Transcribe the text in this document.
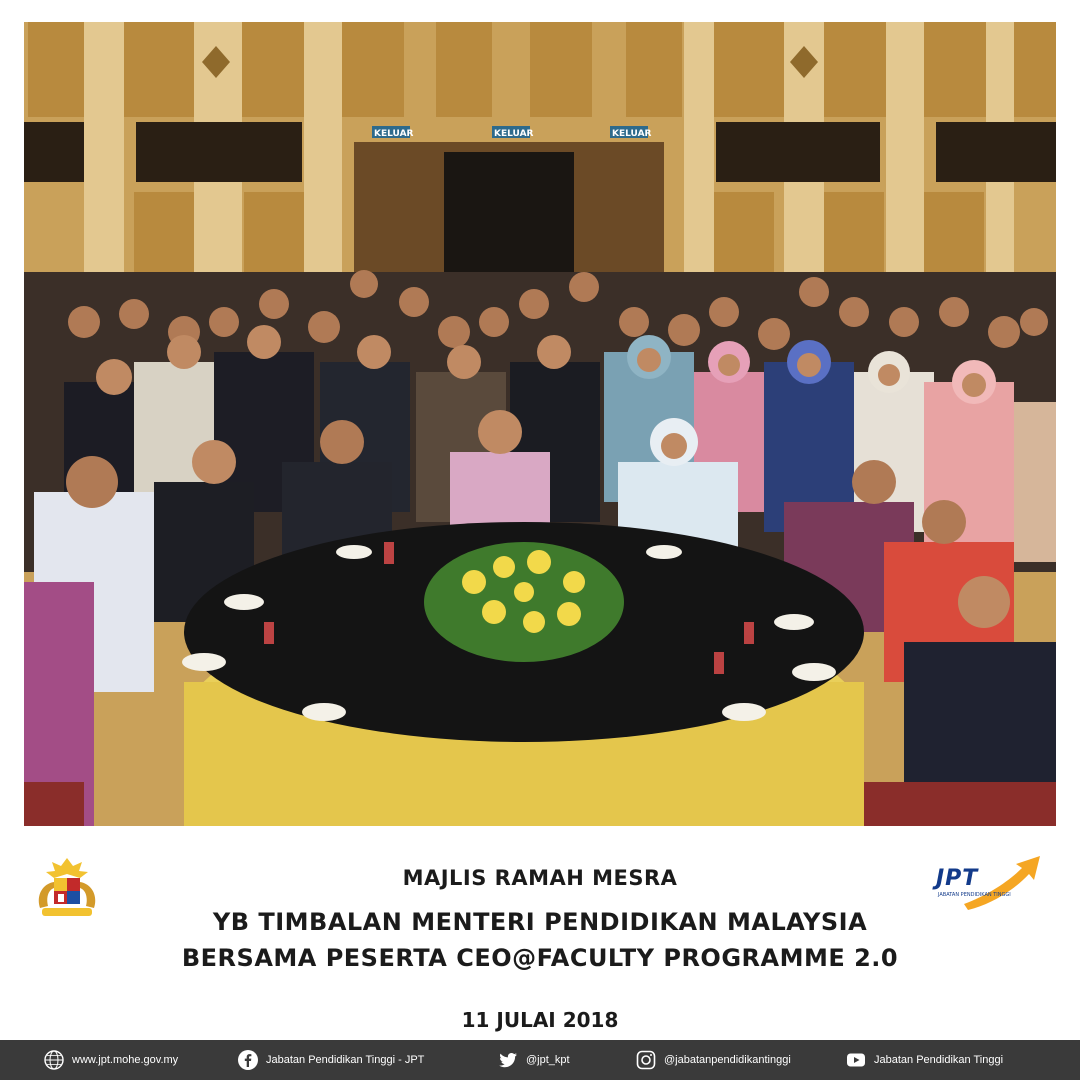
KELUAR	KELUAR	KELUAR
JPT
JABATAN PENDIDIKAN TINGGI
MAJLIS RAMAH MESRA
YB TIMBALAN MENTERI PENDIDIKAN MALAYSIA
BERSAMA PESERTA CEO@FACULTY PROGRAMME 2.0
11 JULAI 2018
www.jpt.mohe.gov.my	Jabatan Pendidikan Tinggi - JPT	@jpt_kpt	@jabatanpendidikantinggi	Jabatan Pendidikan Tinggi
